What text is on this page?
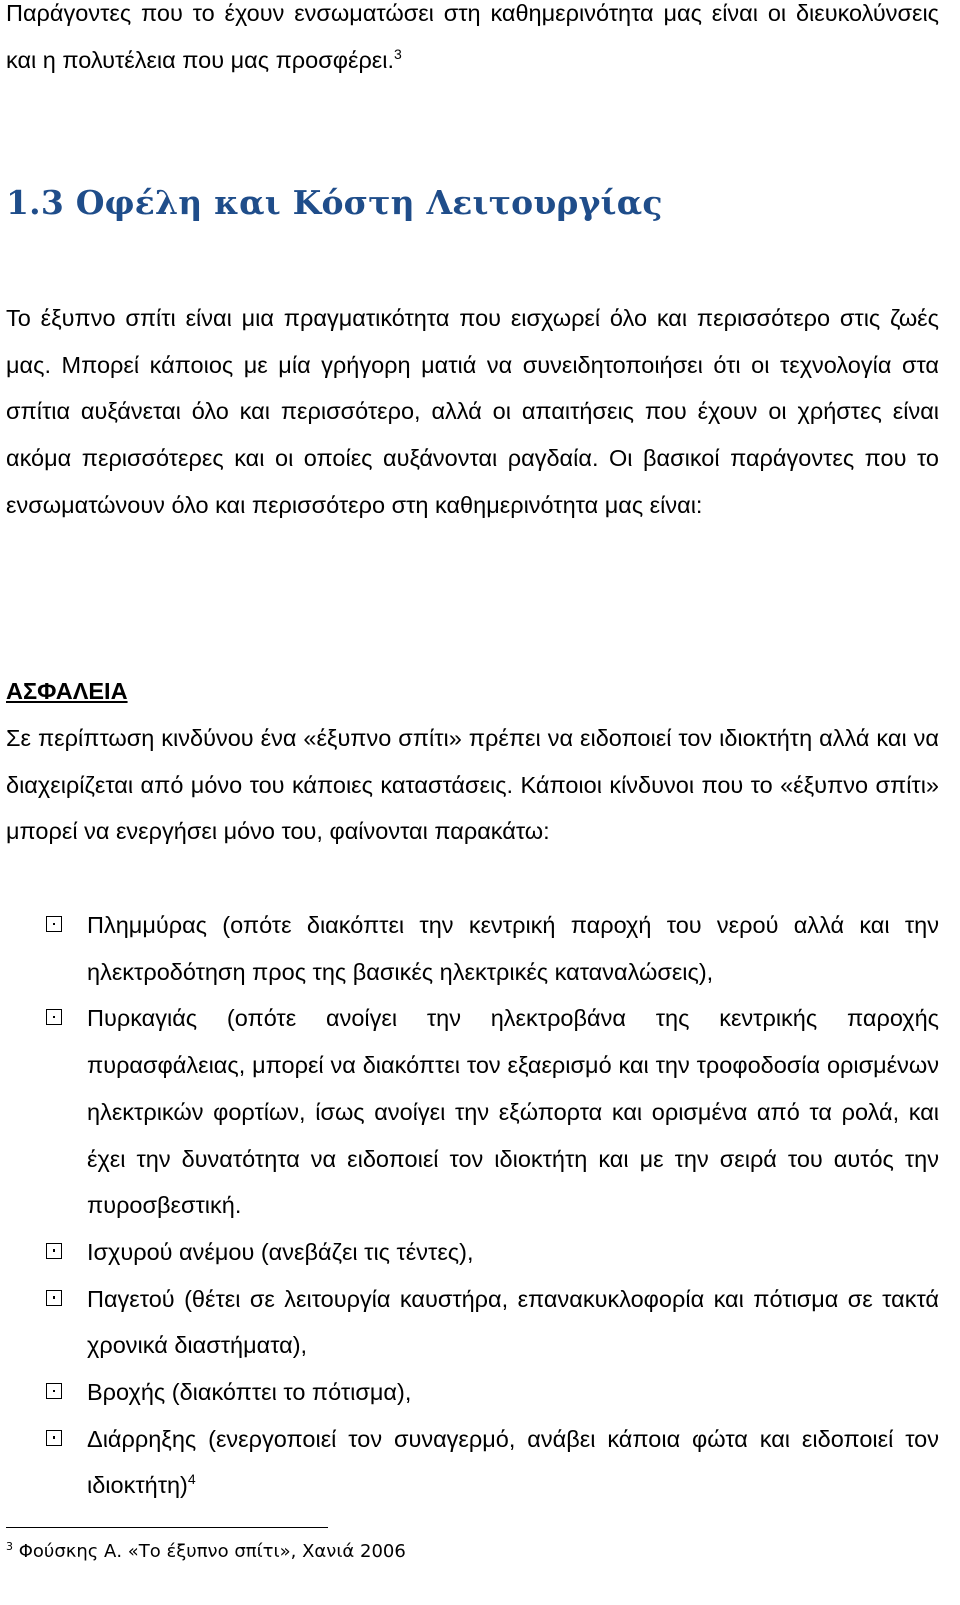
Παράγοντες που το έχουν ενσωματώσει στη καθημερινότητα μας είναι οι διευκολύνσεις και η πολυτέλεια που μας προσφέρει.$^3$

1.3 Οφέλη και Κόστη Λειτουργίας

Το έξυπνο σπίτι είναι μια πραγματικότητα που εισχωρεί όλο και περισσότερο στις ζωές μας. Μπορεί κάποιος με μία γρήγορη ματιά να συνειδητοποιήσει ότι οι τεχνολογία στα σπίτια αυξάνεται όλο και περισσότερο, αλλά οι απαιτήσεις που έχουν οι χρήστες είναι ακόμα περισσότερες και οι οποίες αυξάνονται ραγδαία. Οι βασικοί παράγοντες που το ενσωματώνουν όλο και περισσότερο στη καθημερινότητα μας είναι:

ΑΣΦΑΛΕΙΑ

Σε περίπτωση κινδύνου ένα «έξυπνο σπίτι» πρέπει να ειδοποιεί τον ιδιοκτήτη αλλά και να διαχειρίζεται από μόνο του κάποιες καταστάσεις. Κάποιοι κίνδυνοι που το «έξυπνο σπίτι» μπορεί να ενεργήσει μόνο του, φαίνονται παρακάτω:

Πλημμύρας (οπότε διακόπτει την κεντρική παροχή του νερού αλλά και την ηλεκτροδότηση προς της βασικές ηλεκτρικές καταναλώσεις),
Πυρκαγιάς (οπότε ανοίγει την ηλεκτροβάνα της κεντρικής παροχής πυρασφάλειας, μπορεί να διακόπτει τον εξαερισμό και την τροφοδοσία ορισμένων ηλεκτρικών φορτίων, ίσως ανοίγει την εξώπορτα και ορισμένα από τα ρολά, και έχει την δυνατότητα να ειδοποιεί τον ιδιοκτήτη και με την σειρά του αυτός την πυροσβεστική.
Ισχυρού ανέμου (ανεβάζει τις τέντες),
Παγετού (θέτει σε λειτουργία καυστήρα, επανακυκλοφορία και πότισμα σε τακτά χρονικά διαστήματα),
Βροχής (διακόπτει το πότισμα),
Διάρρηξης (ενεργοποιεί τον συναγερμό, ανάβει κάποια φώτα και ειδοποιεί τον ιδιοκτήτη)$^4$
$^3$ Φούσκης Α. «Το έξυπνο σπίτι», Χανιά 2006
